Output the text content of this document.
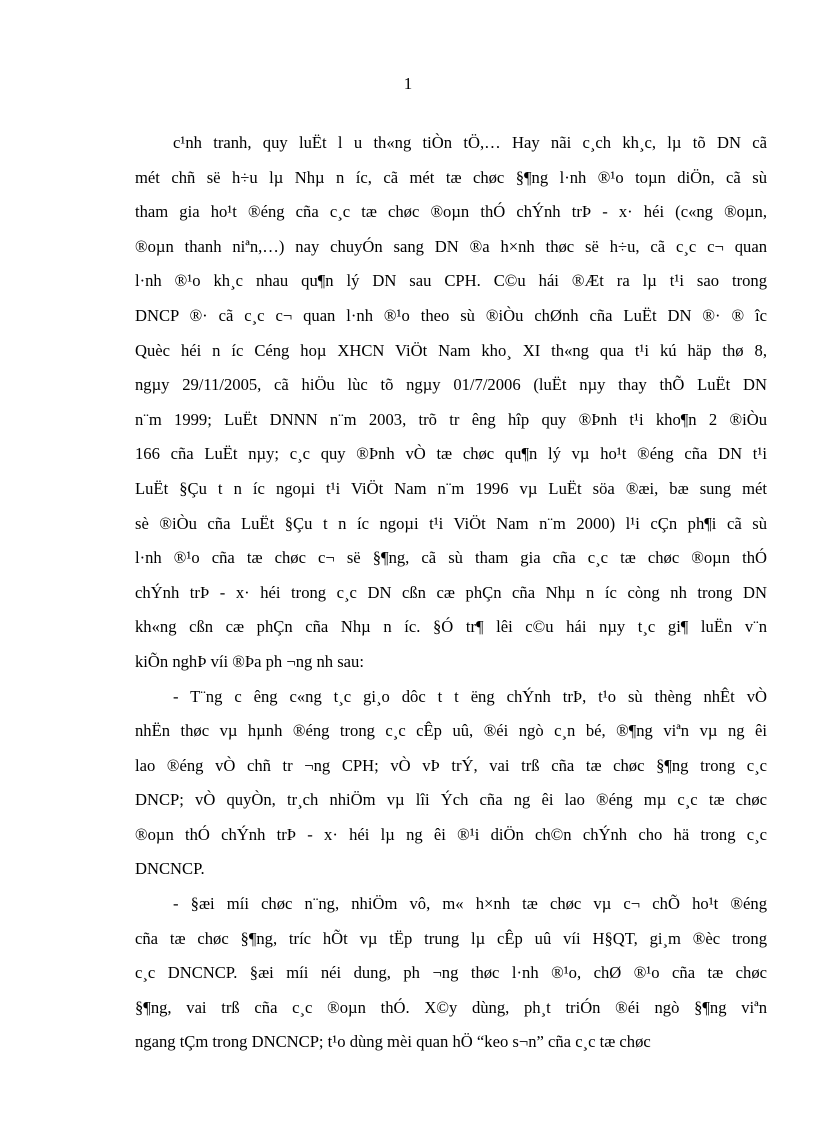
1
c¹nh tranh, quy luËt l u th«ng tiÒn tÖ,… Hay nãi c¸ch kh¸c, lµ tõ DN cã
mét chñ së h÷u lµ Nhµ n íc, cã mét tæ chøc §¶ng l·nh ®¹o toµn diÖn, cã sù
tham gia ho¹t ®éng cña c¸c tæ chøc ®oµn thÓ chÝnh trÞ - x· héi (c«ng ®oµn,
®oµn thanh niªn,…) nay chuyÓn sang DN ®a h×nh thøc së h÷u, cã c¸c c¬ quan
l·nh ®¹o kh¸c nhau qu¶n lý DN sau CPH. C©u hái ®Æt ra lµ t¹i sao trong
DNCP ®· cã c¸c c¬ quan l·nh ®¹o theo sù ®iÒu chØnh cña LuËt DN ®· ® îc
Quèc héi n íc Céng hoµ XHCN ViÖt Nam kho¸ XI th«ng qua t¹i kú häp thø 8,
ngµy 29/11/2005, cã hiÖu lùc tõ ngµy 01/7/2006 (luËt nµy thay thÕ LuËt DN
n¨m 1999; LuËt DNNN n¨m 2003, trõ tr êng hîp quy ®Þnh t¹i kho¶n 2 ®iÒu
166 cña LuËt nµy; c¸c quy ®Þnh vÒ tæ chøc qu¶n lý vµ ho¹t ®éng cña DN t¹i
LuËt §Çu t n íc ngoµi t¹i ViÖt Nam n¨m 1996 vµ LuËt söa ®æi, bæ sung mét
sè ®iÒu cña LuËt §Çu t n íc ngoµi t¹i ViÖt Nam n¨m 2000) l¹i cÇn ph¶i cã sù
l·nh ®¹o cña tæ chøc c¬ së §¶ng, cã sù tham gia cña c¸c tæ chøc ®oµn thÓ
chÝnh trÞ - x· héi trong c¸c DN cßn cæ phÇn cña Nhµ n íc còng nh trong DN
kh«ng cßn cæ phÇn cña Nhµ n íc. §Ó tr¶ lêi c©u hái nµy t¸c gi¶ luËn v¨n
kiÕn nghÞ víi ®Þa ph ¬ng nh sau:
- T¨ng c êng c«ng t¸c gi¸o dôc t t ëng chÝnh trÞ, t¹o sù thèng nhÊt vÒ
nhËn thøc vµ hµnh ®éng trong c¸c cÊp uû, ®éi ngò c¸n bé, ®¶ng viªn vµ ng êi
lao ®éng vÒ chñ tr ¬ng CPH; vÒ vÞ trÝ, vai trß cña tæ chøc §¶ng trong c¸c
DNCP; vÒ quyÒn, tr¸ch nhiÖm vµ lîi Ých cña ng êi lao ®éng mµ c¸c tæ chøc
®oµn thÓ chÝnh trÞ - x· héi lµ ng êi ®¹i diÖn ch©n chÝnh cho hä trong c¸c
DNCNCP.
- §æi míi chøc n¨ng, nhiÖm vô, m« h×nh tæ chøc vµ c¬ chÕ ho¹t ®éng
cña tæ chøc §¶ng, tríc hÕt vµ tËp trung lµ cÊp uû víi H§QT, gi¸m ®èc trong
c¸c DNCNCP. §æi míi néi dung, ph ¬ng thøc l·nh ®¹o, chØ ®¹o cña tæ chøc
§¶ng, vai trß cña c¸c ®oµn thÓ. X©y dùng, ph¸t triÓn ®éi ngò §¶ng viªn
ngang tÇm trong DNCNCP; t¹o dùng mèi quan hÖ “keo s¬n” cña c¸c tæ chøc
